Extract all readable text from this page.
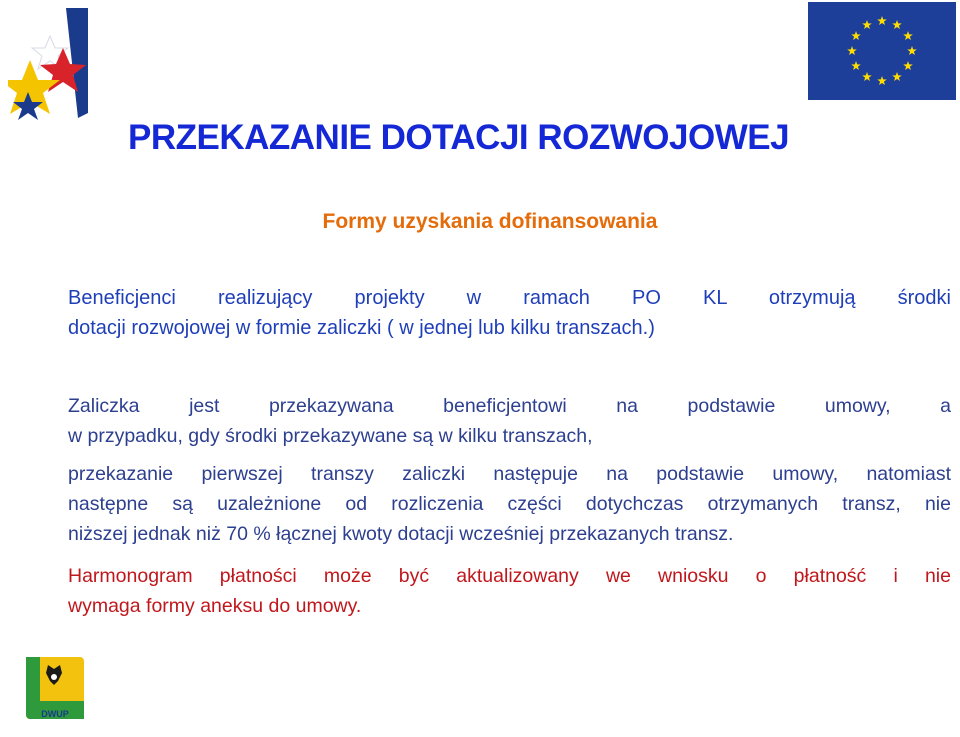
PRZEKAZANIE DOTACJI ROZWOJOWEJ
Formy uzyskania dofinansowania
Beneficjenci realizujący projekty w ramach PO KL otrzymują środki
dotacji rozwojowej w formie zaliczki ( w jednej lub kilku transzach.)
Zaliczka jest przekazywana beneficjentowi na podstawie umowy, a
w przypadku, gdy środki przekazywane są w kilku transzach,
przekazanie pierwszej transzy zaliczki następuje na podstawie umowy, natomiast
następne są uzależnione od rozliczenia części dotychczas otrzymanych transz, nie
niższej jednak niż 70 % łącznej kwoty dotacji wcześniej przekazanych transz.
Harmonogram płatności może być aktualizowany we wniosku o płatność i nie
wymaga formy aneksu do umowy.
DWUP
